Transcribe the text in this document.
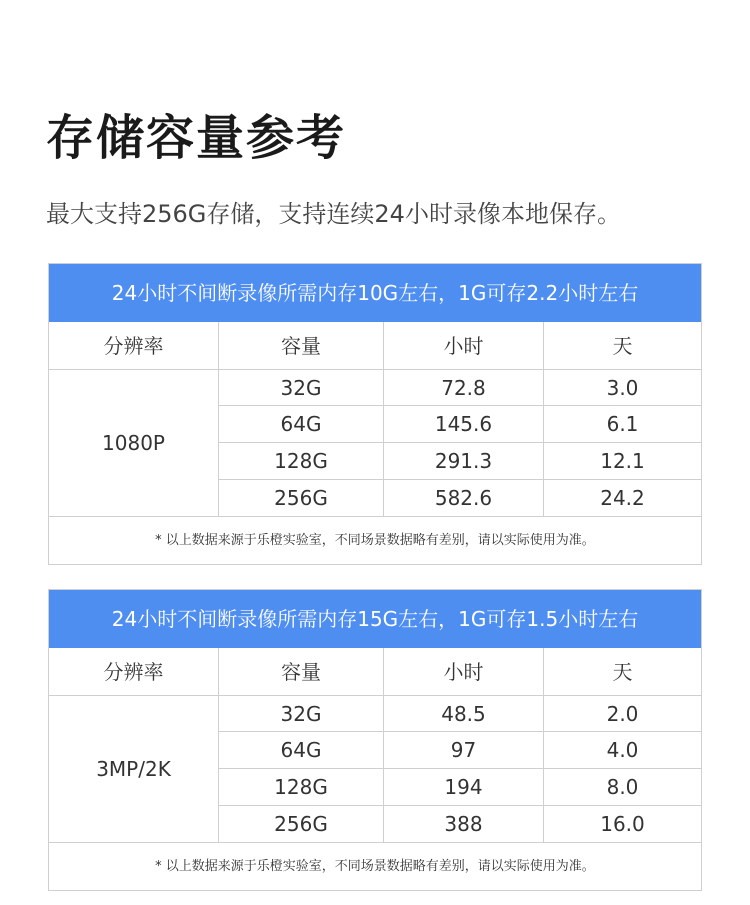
存储容量参考
最大支持256G存储，支持连续24小时录像本地保存。
24小时不间断录像所需内存10G左右，1G可存2.2小时左右
分辨率	容量	小时	天
1080P
32G	72.8	3.0
64G	145.6	6.1
128G	291.3	12.1
256G	582.6	24.2
* 以上数据来源于乐橙实验室，不同场景数据略有差别，请以实际使用为准。
24小时不间断录像所需内存15G左右，1G可存1.5小时左右
分辨率	容量	小时	天
3MP/2K
32G	48.5	2.0
64G	97	4.0
128G	194	8.0
256G	388	16.0
* 以上数据来源于乐橙实验室，不同场景数据略有差别，请以实际使用为准。
